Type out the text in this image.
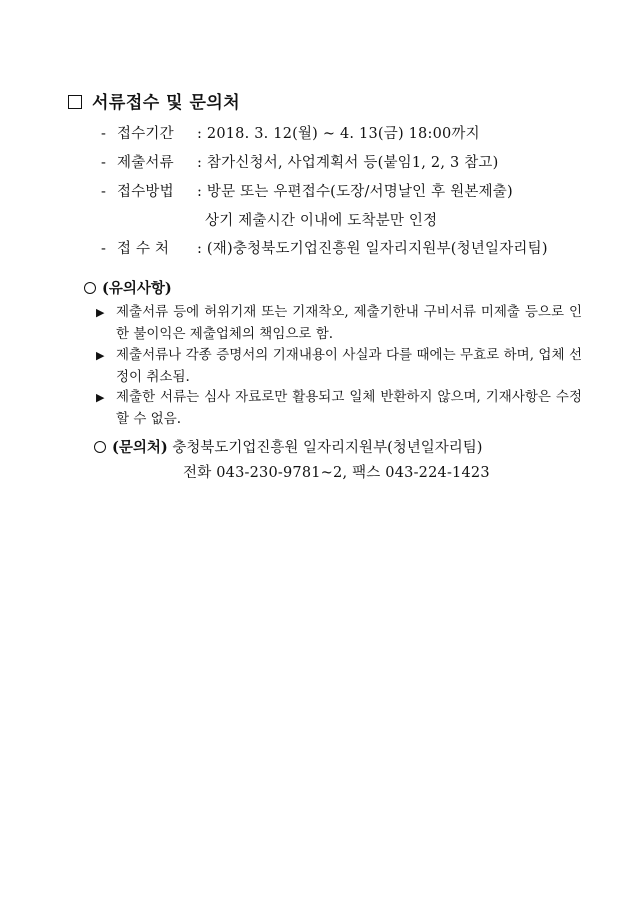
서류접수 및 문의처
- 접수기간 : 2018. 3. 12(월) ~ 4. 13(금) 18:00까지
- 제출서류 : 참가신청서, 사업계획서 등(붙임1, 2, 3 참고)
- 접수방법 : 방문 또는 우편접수(도장/서명날인 후 원본제출)
상기 제출시간 이내에 도착분만 인정
- 접 수 처 : (재)충청북도기업진흥원 일자리지원부(청년일자리팀)
(유의사항)
▶ 제출서류 등에 허위기재 또는 기재착오, 제출기한내 구비서류 미제출 등으로 인한 불이익은 제출업체의 책임으로 함.
▶ 제출서류나 각종 증명서의 기재내용이 사실과 다를 때에는 무효로 하며, 업체 선정이 취소됨.
▶ 제출한 서류는 심사 자료로만 활용되고 일체 반환하지 않으며, 기재사항은 수정할 수 없음.
(문의처) 충청북도기업진흥원 일자리지원부(청년일자리팀)
전화 043-230-9781~2, 팩스 043-224-1423
